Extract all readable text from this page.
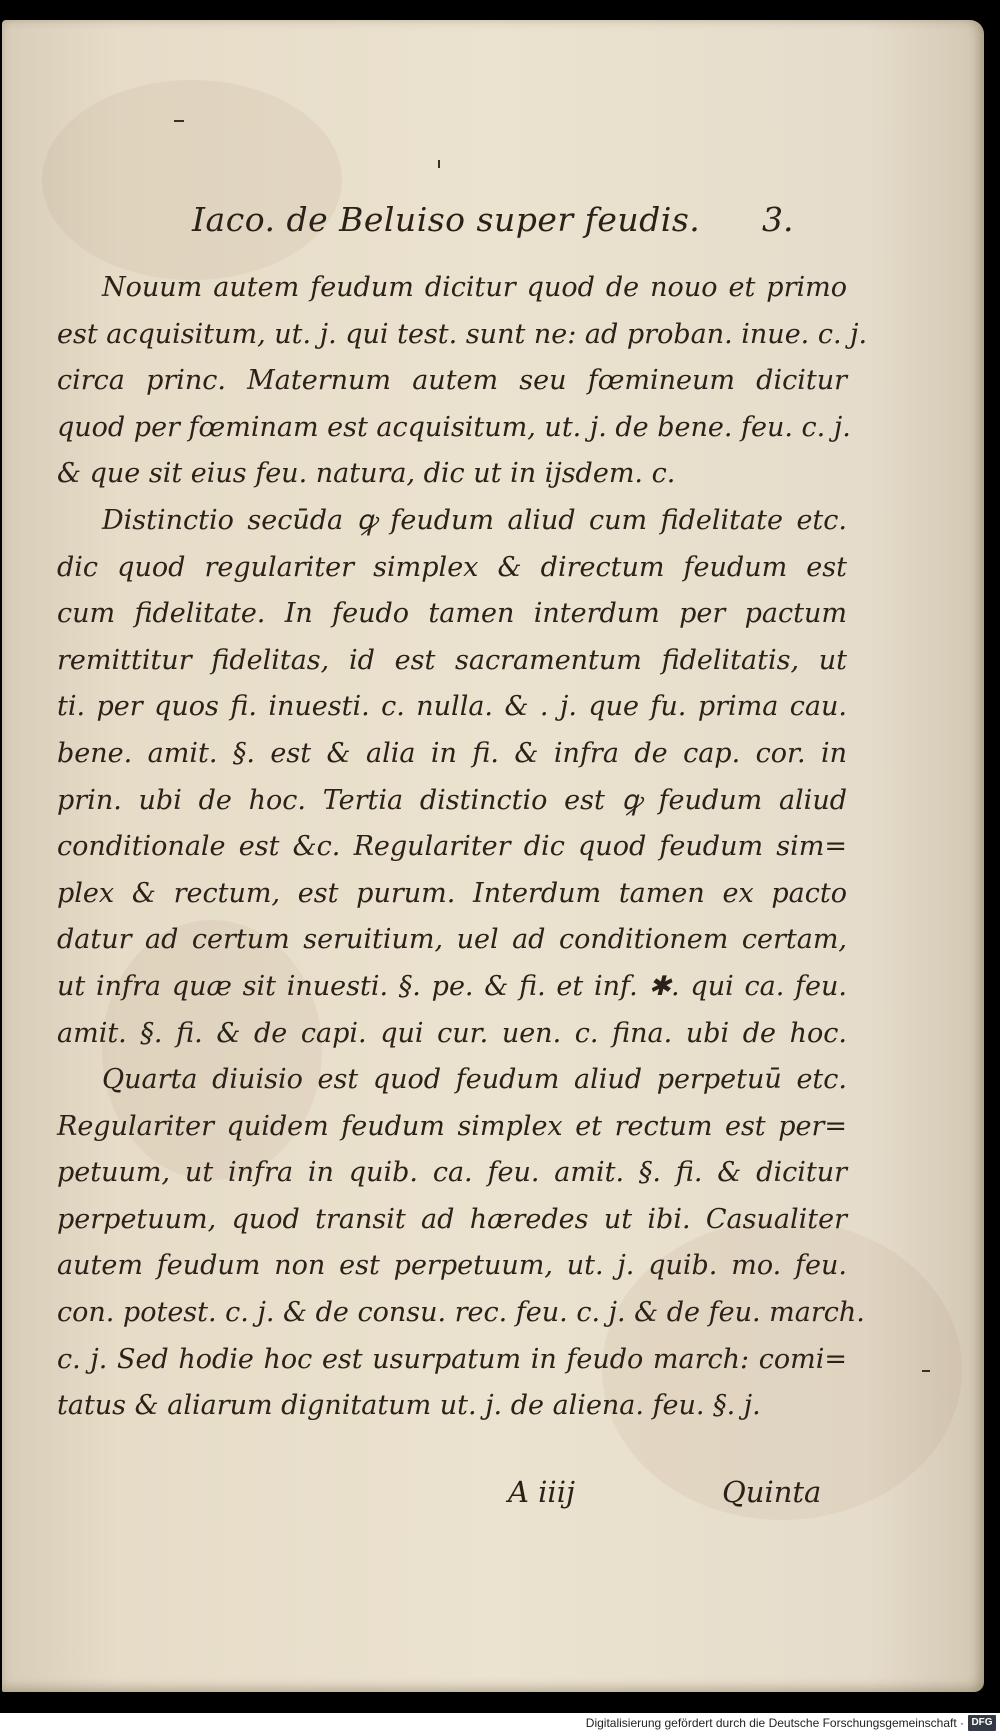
Iaco. de Beluiso super feudis. 3.
Nouum autem feudum dicitur quod de nouo et primo
est acquisitum, ut. j. qui test. sunt ne: ad proban. inue. c. j.
circa princ. Maternum autem seu fœmineum dicitur
quod per fœminam est acquisitum, ut. j. de bene. feu. c. j.
& que sit eius feu. natura, dic ut in ijsdem. c.
Distinctio secūda ꝙ feudum aliud cum fidelitate etc.
dic quod regulariter simplex & directum feudum est
cum fidelitate. In feudo tamen interdum per pactum
remittitur fidelitas, id est sacramentum fidelitatis, ut
ti. per quos fi. inuesti. c. nulla. & . j. que fu. prima cau.
bene. amit. §. est & alia in fi. & infra de cap. cor. in
prin. ubi de hoc. Tertia distinctio est ꝙ feudum aliud
conditionale est &c. Regulariter dic quod feudum sim=
plex & rectum, est purum. Interdum tamen ex pacto
datur ad certum seruitium, uel ad conditionem certam,
ut infra quæ sit inuesti. §. pe. & fi. et inf. ✱. qui ca. feu.
amit. §. fi. & de capi. qui cur. uen. c. fina. ubi de hoc.
Quarta diuisio est quod feudum aliud perpetuū etc.
Regulariter quidem feudum simplex et rectum est per=
petuum, ut infra in quib. ca. feu. amit. §. fi. & dicitur
perpetuum, quod transit ad hæredes ut ibi. Casualiter
autem feudum non est perpetuum, ut. j. quib. mo. feu.
con. potest. c. j. & de consu. rec. feu. c. j. & de feu. march.
c. j. Sed hodie hoc est usurpatum in feudo march: comi=
tatus & aliarum dignitatum ut. j. de aliena. feu. §. j.
A iiij	Quinta
Digitalisierung gefördert durch die Deutsche Forschungsgemeinschaft · DFG
